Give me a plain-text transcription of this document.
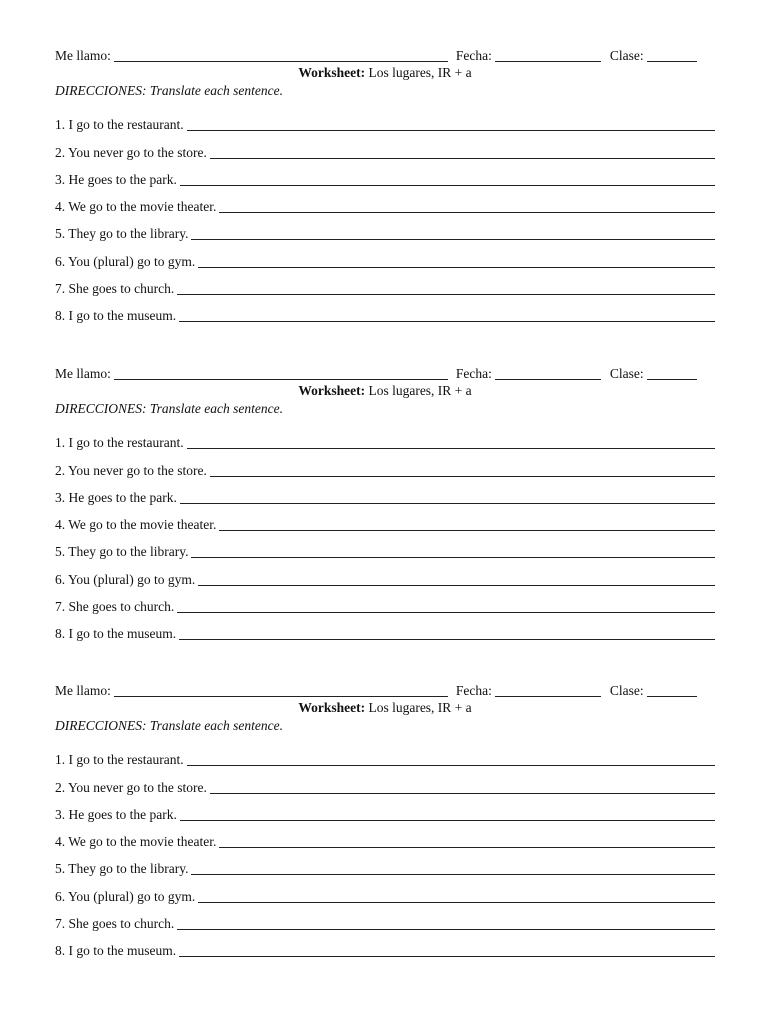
Me llamo:	Fecha:	Clase:
Worksheet: Los lugares, IR + a
DIRECCIONES: Translate each sentence.
1. I go to the restaurant.
2. You never go to the store.
3. He goes to the park.
4. We go to the movie theater.
5. They go to the library.
6. You (plural) go to gym.
7. She goes to church.
8. I go to the museum.
Me llamo:	Fecha:	Clase:
Worksheet: Los lugares, IR + a
DIRECCIONES: Translate each sentence.
1. I go to the restaurant.
2. You never go to the store.
3. He goes to the park.
4. We go to the movie theater.
5. They go to the library.
6. You (plural) go to gym.
7. She goes to church.
8. I go to the museum.
Me llamo:	Fecha:	Clase:
Worksheet: Los lugares, IR + a
DIRECCIONES: Translate each sentence.
1. I go to the restaurant.
2. You never go to the store.
3. He goes to the park.
4. We go to the movie theater.
5. They go to the library.
6. You (plural) go to gym.
7. She goes to church.
8. I go to the museum.
